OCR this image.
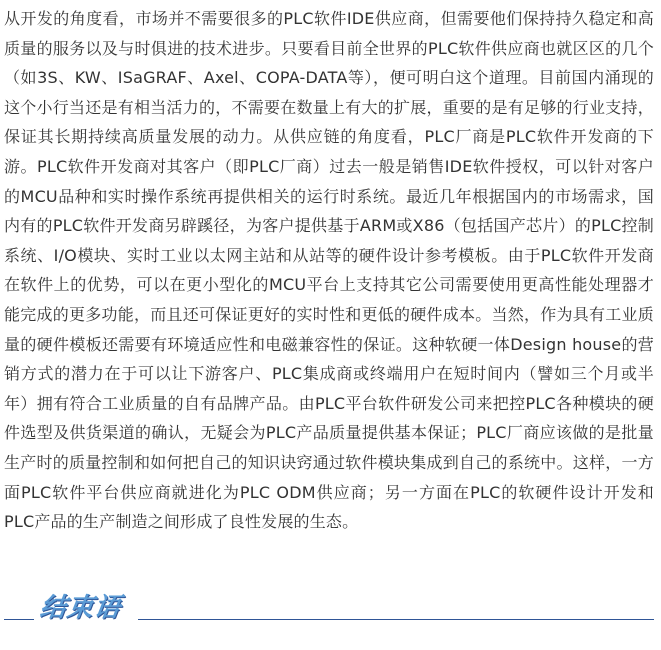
从开发的角度看，市场并不需要很多的PLC软件IDE供应商，但需要他们保持持久稳定和高质量的服务以及与时俱进的技术进步。只要看目前全世界的PLC软件供应商也就区区的几个（如3S、KW、ISaGRAF、Axel、COPA-DATA等），便可明白这个道理。目前国内涌现的这个小行当还是有相当活力的，不需要在数量上有大的扩展，重要的是有足够的行业支持，保证其长期持续高质量发展的动力。从供应链的角度看，PLC厂商是PLC软件开发商的下游。PLC软件开发商对其客户（即PLC厂商）过去一般是销售IDE软件授权，可以针对客户的MCU品种和实时操作系统再提供相关的运行时系统。最近几年根据国内的市场需求，国内有的PLC软件开发商另辟蹊径，为客户提供基于ARM或X86（包括国产芯片）的PLC控制系统、I/O模块、实时工业以太网主站和从站等的硬件设计参考模板。由于PLC软件开发商在软件上的优势，可以在更小型化的MCU平台上支持其它公司需要使用更高性能处理器才能完成的更多功能，而且还可保证更好的实时性和更低的硬件成本。当然，作为具有工业质量的硬件模板还需要有环境适应性和电磁兼容性的保证。这种软硬一体Design house的营销方式的潜力在于可以让下游客户、PLC集成商或终端用户在短时间内（譬如三个月或半年）拥有符合工业质量的自有品牌产品。由PLC平台软件研发公司来把控PLC各种模块的硬件选型及供货渠道的确认，无疑会为PLC产品质量提供基本保证；PLC厂商应该做的是批量生产时的质量控制和如何把自己的知识诀窍通过软件模块集成到自己的系统中。这样，一方面PLC软件平台供应商就进化为PLC ODM供应商；另一方面在PLC的软硬件设计开发和PLC产品的生产制造之间形成了良性发展的生态。

结束语
